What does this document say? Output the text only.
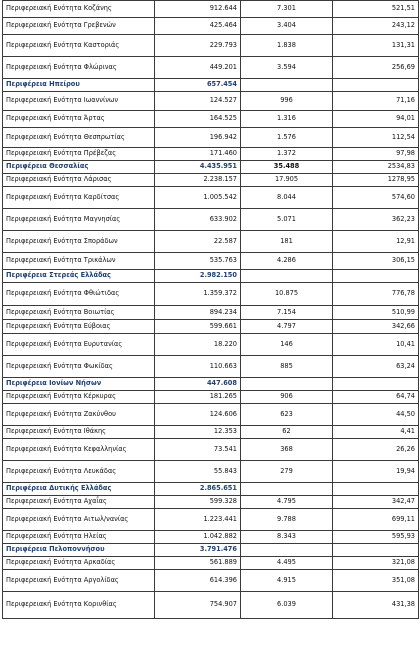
Περιφερειακή Ενότητα Κοζάνης	912.644	7.301	521,51
Περιφερειακή Ενότητα Γρεβενών	425.464	3.404	243,12
Περιφερειακή Ενότητα Καστοριάς	229.793	1.838	131,31
Περιφερειακή Ενότητα Φλώρινας	449.201	3.594	256,69
Περιφέρεια Ηπείρου	657.454		
Περιφερειακή Ενότητα Ιωαννίνων	124.527	996	71,16
Περιφερειακή Ενότητα Άρτας	164.525	1.316	94,01
Περιφερειακή Ενότητα Θεσπρωτίας	196.942	1.576	112,54
Περιφερειακή Ενότητα Πρέβεζας	171.460	1.372	97,98
Περιφέρεια Θεσσαλίας	4.435.951	35.488	2534,83
Περιφερειακή Ενότητα Λάρισας	2.238.157	17.905	1278,95
Περιφερειακή Ενότητα Καρδίτσας	1.005.542	8.044	574,60
Περιφερειακή Ενότητα Μαγνησίας	633.902	5.071	362,23
Περιφερειακή Ενότητα Σποράδων	22.587	181	12,91
Περιφερειακή Ενότητα Τρικάλων	535.763	4.286	306,15
Περιφέρεια Στερεάς Ελλάδας	2.982.150		
Περιφερειακή Ενότητα Φθιώτιδας	1.359.372	10.875	776,78
Περιφερειακή Ενότητα Βοιωτίας	894.234	7.154	510,99
Περιφερειακή Ενότητα Εύβοιας	599.661	4.797	342,66
Περιφερειακή Ενότητα Ευρυτανίας	18.220	146	10,41
Περιφερειακή Ενότητα Φωκίδας	110.663	885	63,24
Περιφέρεια Ιονίων Νήσων	447.608		
Περιφερειακή Ενότητα Κέρκυρας	181.265	906	64,74
Περιφερειακή Ενότητα Ζακύνθου	124.606	623	44,50
Περιφερειακή Ενότητα Ιθάκης	12.353	62	4,41
Περιφερειακή Ενότητα Κεφαλληνίας	73.541	368	26,26
Περιφερειακή Ενότητα Λευκάδας	55.843	279	19,94
Περιφέρεια Δυτικής Ελλάδας	2.865.651		
Περιφερειακή Ενότητα Αχαΐας	599.328	4.795	342,47
Περιφερειακή Ενότητα Αιτωλ/νανίας	1.223.441	9.788	699,11
Περιφερειακή Ενότητα Ηλείας	1.042.882	8.343	595,93
Περιφέρεια Πελοποννήσου	3.791.476		
Περιφερειακή Ενότητα Αρκαδίας	561.889	4.495	321,08
Περιφερειακή Ενότητα Αργολίδας	614.396	4.915	351,08
Περιφερειακή Ενότητα Κορινθίας	754.907	6.039	431,38
